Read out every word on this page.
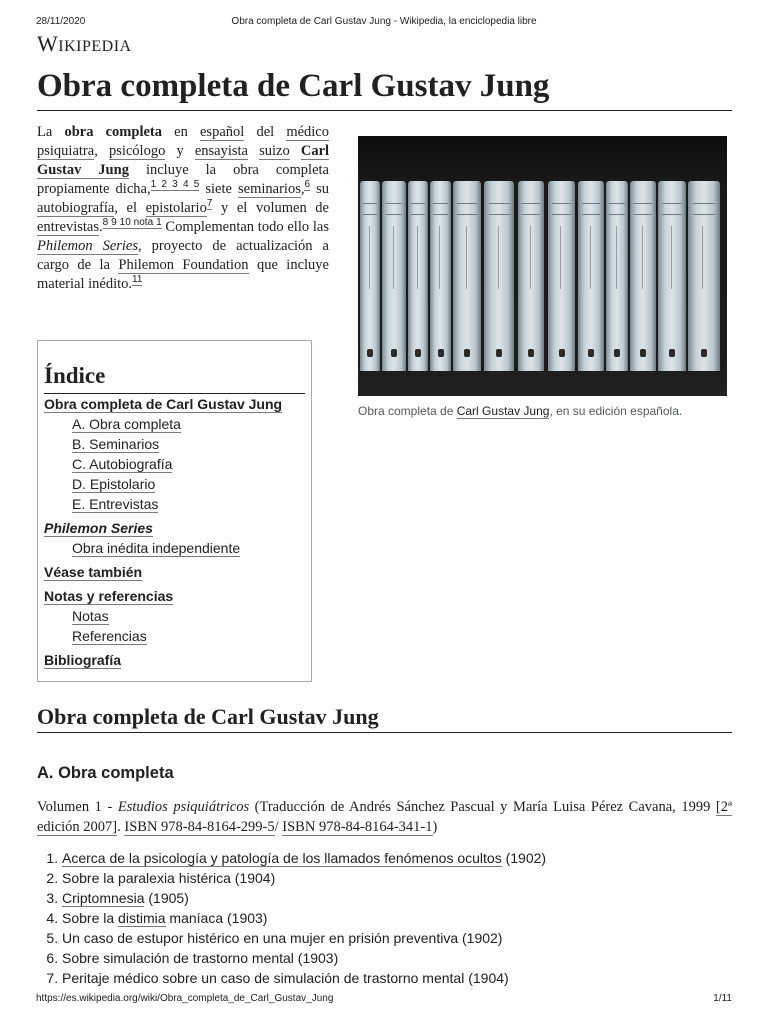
28/11/2020	Obra completa de Carl Gustav Jung - Wikipedia, la enciclopedia libre
WIKIPEDIA
Obra completa de Carl Gustav Jung
La obra completa en español del médico psiquiatra, psicólogo y ensayista suizo Carl Gustav Jung incluye la obra completa propiamente dicha,$^{1 2 3 4 5}$ siete seminarios,$^6$ su autobiografía, el epistolario$^7$ y el volumen de entrevistas.$^{8 9 10 nota 1}$ Complementan todo ello las Philemon Series, proyecto de actualización a cargo de la Philemon Foundation que incluye material inédito.$^{11}$
Obra completa de Carl Gustav Jung, en su edición española.
Índice
Obra completa de Carl Gustav Jung
A. Obra completa
B. Seminarios
C. Autobiografía
D. Epistolario
E. Entrevistas
Philemon Series
Obra inédita independiente
Véase también
Notas y referencias
Notas
Referencias
Bibliografía
Obra completa de Carl Gustav Jung
A. Obra completa
Volumen 1 - Estudios psiquiátricos (Traducción de Andrés Sánchez Pascual y María Luisa Pérez Cavana, 1999 [2ª edición 2007]. ISBN 978-84-8164-299-5/ ISBN 978-84-8164-341-1)
1. Acerca de la psicología y patología de los llamados fenómenos ocultos (1902)
2. Sobre la paralexia histérica (1904)
3. Criptomnesia (1905)
4. Sobre la distimia maníaca (1903)
5. Un caso de estupor histérico en una mujer en prisión preventiva (1902)
6. Sobre simulación de trastorno mental (1903)
7. Peritaje médico sobre un caso de simulación de trastorno mental (1904)
https://es.wikipedia.org/wiki/Obra_completa_de_Carl_Gustav_Jung	1/11
